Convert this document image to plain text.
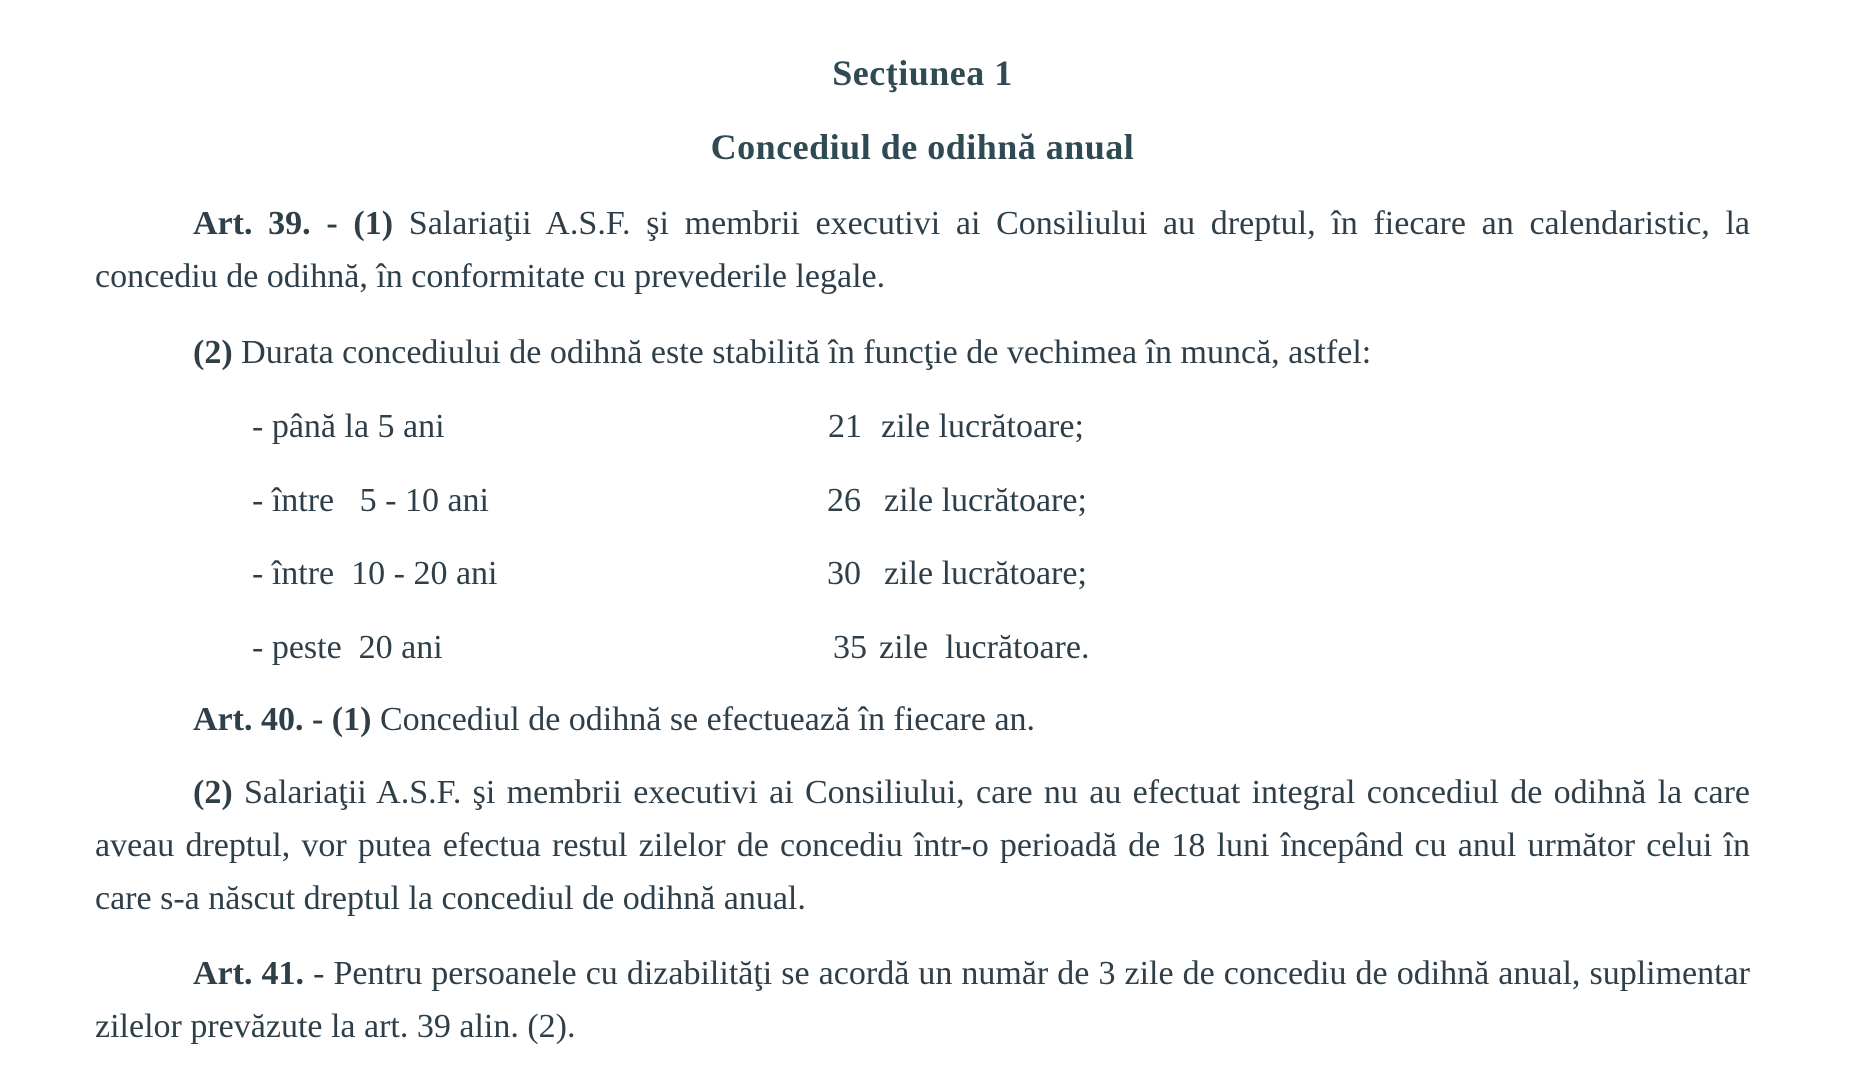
Secţiunea 1
Concediul de odihnă anual
Art. 39. - (1) Salariaţii A.S.F. şi membrii executivi ai Consiliului au dreptul, în fiecare an calendaristic, la concediu de odihnă, în conformitate cu prevederile legale.
(2) Durata concediului de odihnă este stabilită în funcţie de vechimea în muncă, astfel:
- până la 5 ani	21 zile lucrătoare;
- între   5 - 10 ani	26 zile lucrătoare;
- între  10 - 20 ani	30 zile lucrătoare;
- peste  20 ani	35 zile  lucrătoare.
Art. 40. - (1) Concediul de odihnă se efectuează în fiecare an.
(2) Salariaţii A.S.F. şi membrii executivi ai Consiliului, care nu au efectuat integral concediul de odihnă la care aveau dreptul, vor putea efectua restul zilelor de concediu într-o perioadă de 18 luni începând cu anul următor celui în care s-a născut dreptul la concediul de odihnă anual.
Art. 41. - Pentru persoanele cu dizabilităţi se acordă un număr de 3 zile de concediu de odihnă anual, suplimentar zilelor prevăzute la art. 39 alin. (2).
